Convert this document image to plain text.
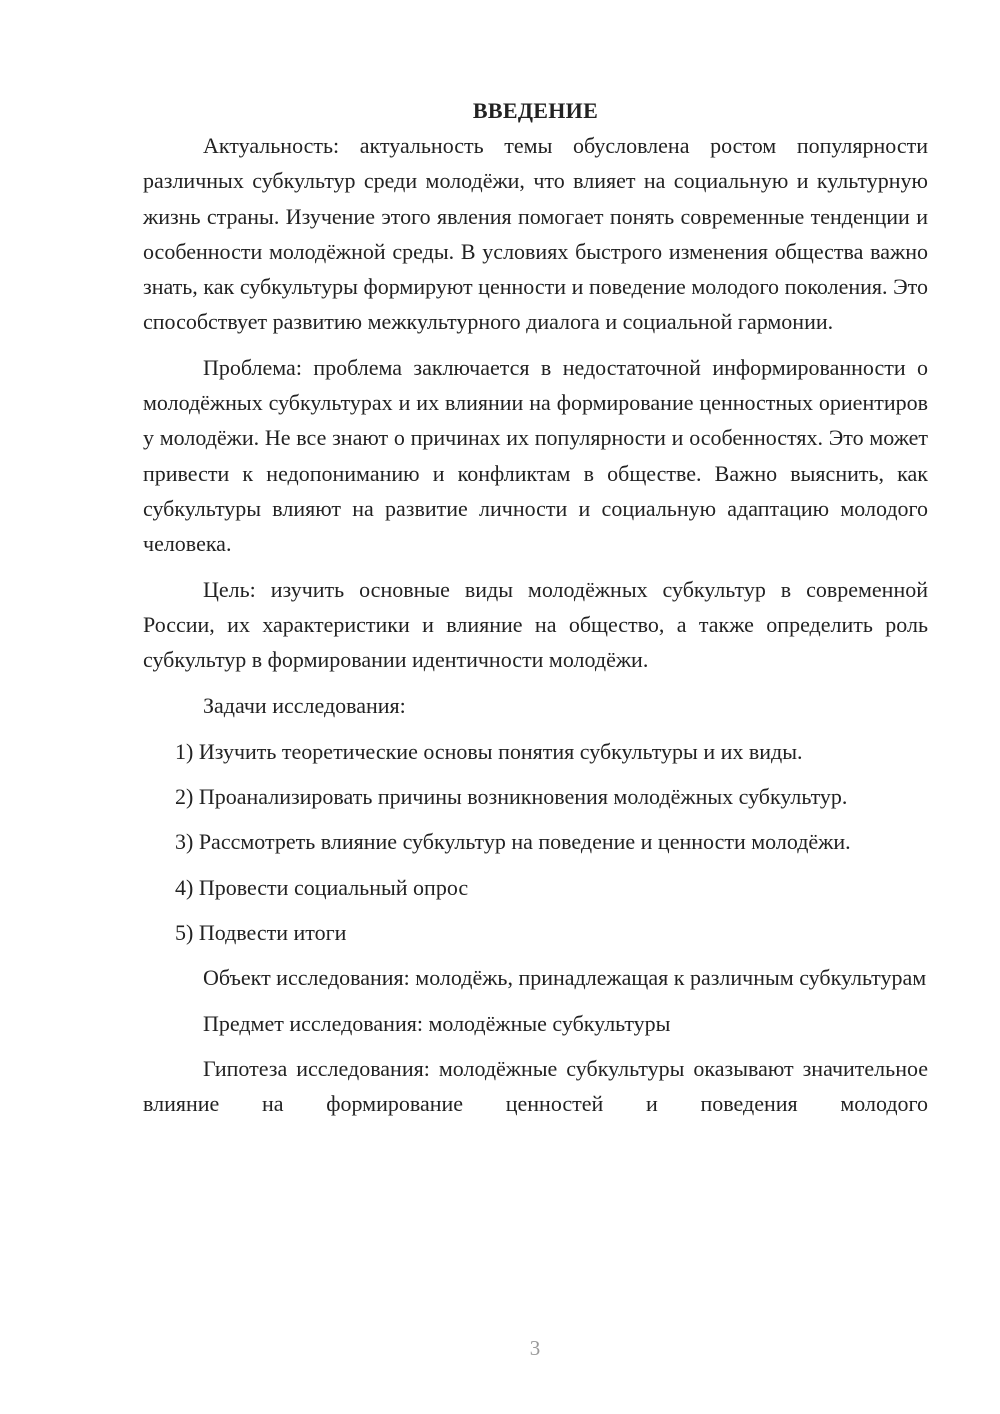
ВВЕДЕНИЕ

Актуальность: актуальность темы обусловлена ростом популярности различных субкультур среди молодёжи, что влияет на социальную и культурную жизнь страны. Изучение этого явления помогает понять современные тенденции и особенности молодёжной среды. В условиях быстрого изменения общества важно знать, как субкультуры формируют ценности и поведение молодого поколения. Это способствует развитию межкультурного диалога и социальной гармонии.

Проблема: проблема заключается в недостаточной информированности о молодёжных субкультурах и их влиянии на формирование ценностных ориентиров у молодёжи. Не все знают о причинах их популярности и особенностях. Это может привести к недопониманию и конфликтам в обществе. Важно выяснить, как субкультуры влияют на развитие личности и социальную адаптацию молодого человека.

Цель: изучить основные виды молодёжных субкультур в современной России, их характеристики и влияние на общество, а также определить роль субкультур в формировании идентичности молодёжи.

Задачи исследования:

1) Изучить теоретические основы понятия субкультуры и их виды.

2) Проанализировать причины возникновения молодёжных субкультур.

3) Рассмотреть влияние субкультур на поведение и ценности молодёжи.

4) Провести социальный опрос

5) Подвести итоги

Объект исследования: молодёжь, принадлежащая к различным субкультурам

Предмет исследования: молодёжные субкультуры

Гипотеза исследования: молодёжные субкультуры оказывают значительное влияние на формирование ценностей и поведения молодого

3
